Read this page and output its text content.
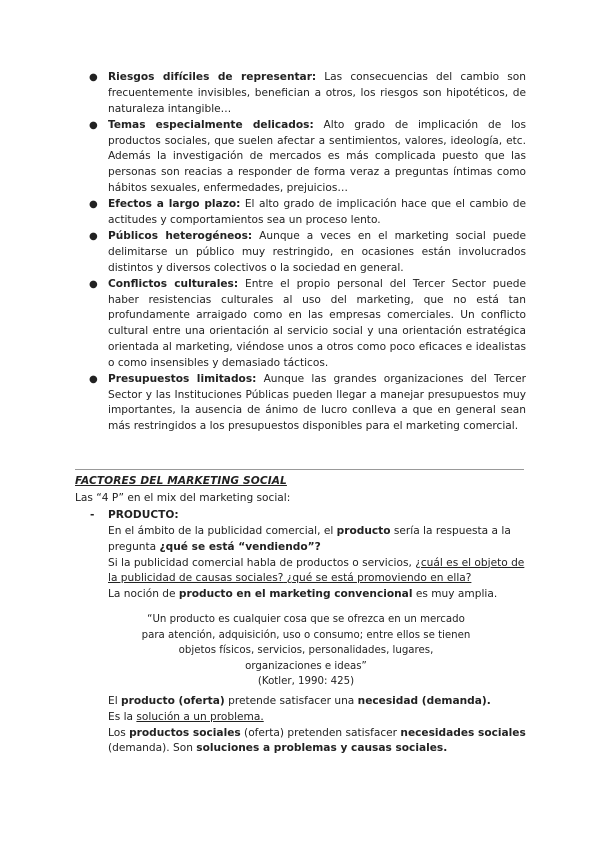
● Riesgos difíciles de representar: Las consecuencias del cambio son frecuentemente invisibles, benefician a otros, los riesgos son hipotéticos, de naturaleza intangible…
● Temas especialmente delicados: Alto grado de implicación de los productos sociales, que suelen afectar a sentimientos, valores, ideología, etc. Además la investigación de mercados es más complicada puesto que las personas son reacias a responder de forma veraz a preguntas íntimas como hábitos sexuales, enfermedades, prejuicios…
● Efectos a largo plazo: El alto grado de implicación hace que el cambio de actitudes y comportamientos sea un proceso lento.
● Públicos heterogéneos: Aunque a veces en el marketing social puede delimitarse un público muy restringido, en ocasiones están involucrados distintos y diversos colectivos o la sociedad en general.
● Conflictos culturales: Entre el propio personal del Tercer Sector puede haber resistencias culturales al uso del marketing, que no está tan profundamente arraigado como en las empresas comerciales. Un conflicto cultural entre una orientación al servicio social y una orientación estratégica orientada al marketing, viéndose unos a otros como poco eficaces e idealistas o como insensibles y demasiado tácticos.
● Presupuestos limitados: Aunque las grandes organizaciones del Tercer Sector y las Instituciones Públicas pueden llegar a manejar presupuestos muy importantes, la ausencia de ánimo de lucro conlleva a que en general sean más restringidos a los presupuestos disponibles para el marketing comercial.
FACTORES DEL MARKETING SOCIAL
Las “4 P” en el mix del marketing social:
- PRODUCTO:
En el ámbito de la publicidad comercial, el producto sería la respuesta a la pregunta ¿qué se está “vendiendo”?
Si la publicidad comercial habla de productos o servicios, ¿cuál es el objeto de la publicidad de causas sociales? ¿qué se está promoviendo en ella?
La noción de producto en el marketing convencional es muy amplia.
“Un producto es cualquier cosa que se ofrezca en un mercado para atención, adquisición, uso o consumo; entre ellos se tienen objetos físicos, servicios, personalidades, lugares, organizaciones e ideas”
(Kotler, 1990: 425)
El producto (oferta) pretende satisfacer una necesidad (demanda).
Es la solución a un problema.
Los productos sociales (oferta) pretenden satisfacer necesidades sociales (demanda). Son soluciones a problemas y causas sociales.
